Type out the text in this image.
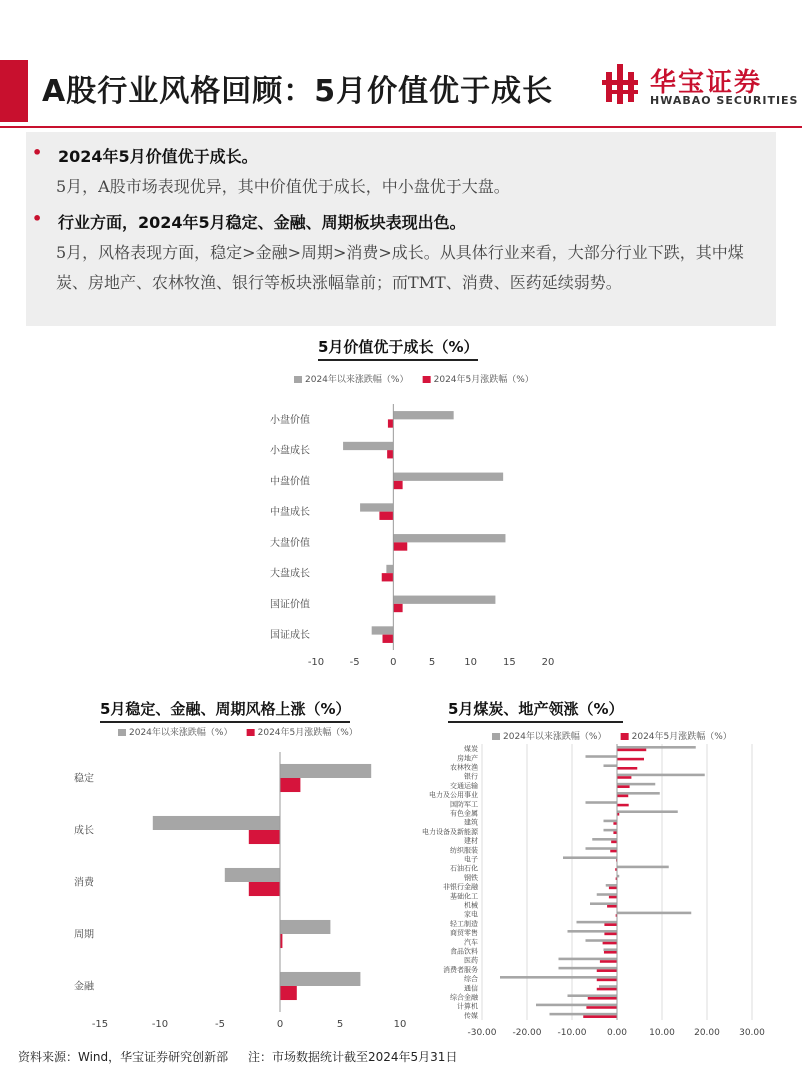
A股行业风格回顾：5月价值优于成长	华宝证券
HWABAO SECURITIES
• 2024年5月价值优于成长。
5月，A股市场表现优异，其中价值优于成长，中小盘优于大盘。
• 行业方面，2024年5月稳定、金融、周期板块表现出色。
5月，风格表现方面，稳定>金融>周期>消费>成长。从具体行业来看，大部分行业下跌，其中煤炭、房地产、农林牧渔、银行等板块涨幅靠前；而TMT、消费、医药延续弱势。
5月价值优于成长（%）
2024年以来涨跌幅（%）	2024年5月涨跌幅（%）
小盘价值
小盘成长
中盘价值
中盘成长
大盘价值
大盘成长
国证价值
国证成长
-10	-5	0	5	10	15	20
5月稳定、金融、周期风格上涨（%）
2024年以来涨跌幅（%）	2024年5月涨跌幅（%）
稳定
成长
消费
周期
金融
-15	-10	-5	0	5	10
5月煤炭、地产领涨（%）
2024年以来涨跌幅（%）	2024年5月涨跌幅（%）
煤炭
房地产
农林牧渔
银行
交通运输
电力及公用事业
国防军工
有色金属
建筑
电力设备及新能源
建材
纺织服装
电子
石油石化
钢铁
非银行金融
基础化工
机械
家电
轻工制造
商贸零售
汽车
食品饮料
医药
消费者服务
综合
通信
综合金融
计算机
传媒
-30.00 -20.00 -10.00 0.00 10.00 20.00 30.00
资料来源：Wind，华宝证券研究创新部 注：市场数据统计截至2024年5月31日
